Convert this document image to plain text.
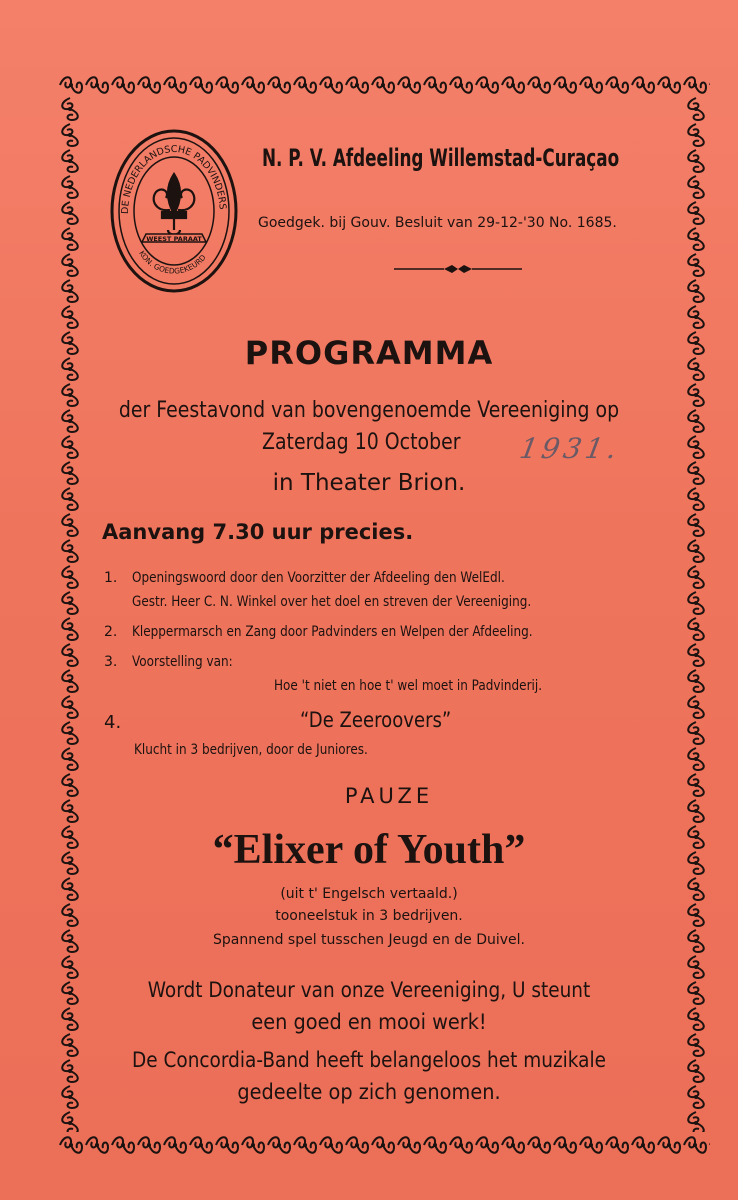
DE NEDERLANDSCHE PADVINDERS
WEEST PARAAT
KON. GOEDGEKEURD
N. P. V. Afdeeling Willemstad-Curaçao
Goedgek. bij Gouv. Besluit van 29-12-'30 No. 1685.
PROGRAMMA
der Feestavond van bovengenoemde Vereeniging op
Zaterdag 10 October 1931.
in Theater Brion.
Aanvang 7.30 uur precies.
1. Openingswoord door den Voorzitter der Afdeeling den WelEdl.
Gestr. Heer C. N. Winkel over het doel en streven der Vereeniging.
2. Kleppermarsch en Zang door Padvinders en Welpen der Afdeeling.
3. Voorstelling van:
Hoe 't niet en hoe t' wel moet in Padvinderij.
4.	“De Zeeroovers”
Klucht in 3 bedrijven, door de Juniores.
PAUZE
“Elixer of Youth”
(uit t' Engelsch vertaald.)
tooneelstuk in 3 bedrijven.
Spannend spel tusschen Jeugd en de Duivel.
Wordt Donateur van onze Vereeniging, U steunt
een goed en mooi werk!
De Concordia-Band heeft belangeloos het muzikale
gedeelte op zich genomen.
